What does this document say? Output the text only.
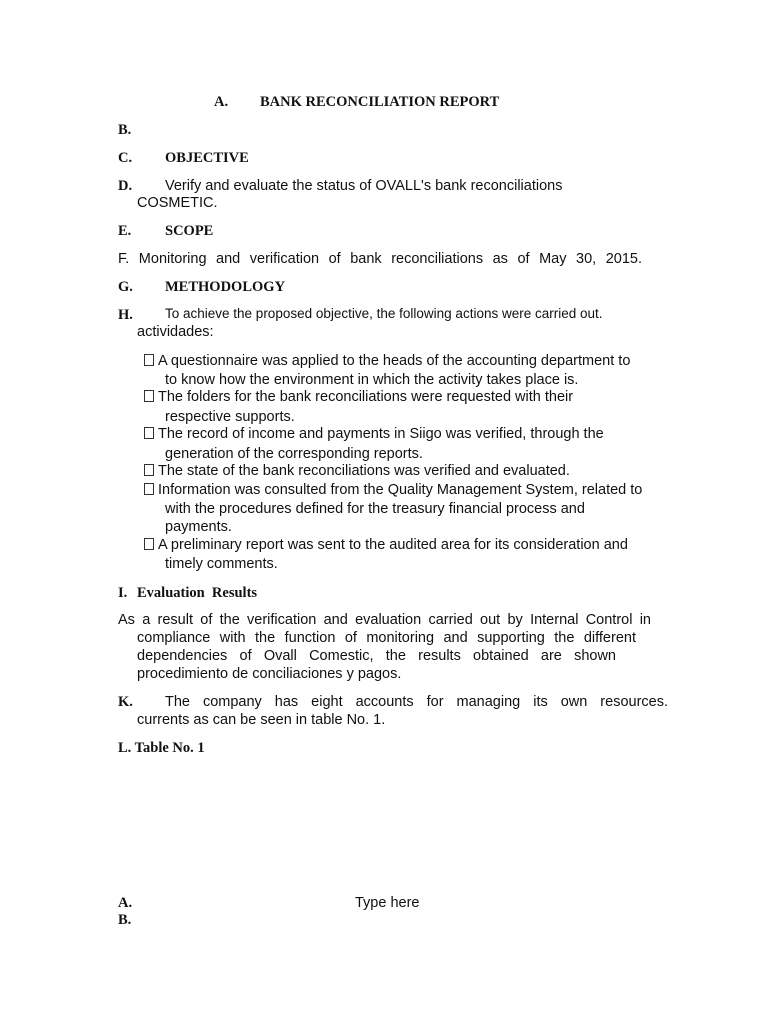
A. BANK RECONCILIATION REPORT
B.
C. OBJECTIVE
D. Verify and evaluate the status of OVALL's bank reconciliations
COSMETIC.
E. SCOPE
F. Monitoring and verification of bank reconciliations as of May 30, 2015.
G. METHODOLOGY
H. To achieve the proposed objective, the following actions were carried out.
actividades:
A questionnaire was applied to the heads of the accounting department to
to know how the environment in which the activity takes place is.
The folders for the bank reconciliations were requested with their
respective supports.
The record of income and payments in Siigo was verified, through the
generation of the corresponding reports.
The state of the bank reconciliations was verified and evaluated.
Information was consulted from the Quality Management System, related to
with the procedures defined for the treasury financial process and
payments.
A preliminary report was sent to the audited area for its consideration and
timely comments.
I. Evaluation  Results
As a result of the verification and evaluation carried out by Internal Control in
compliance with the function of monitoring and supporting the different
dependencies of Ovall Comestic, the results obtained are shown
procedimiento de conciliaciones y pagos.
K. The company has eight accounts for managing its own resources.
currents as can be seen in table No. 1.
L. Table No. 1
A.	Type here
B.
